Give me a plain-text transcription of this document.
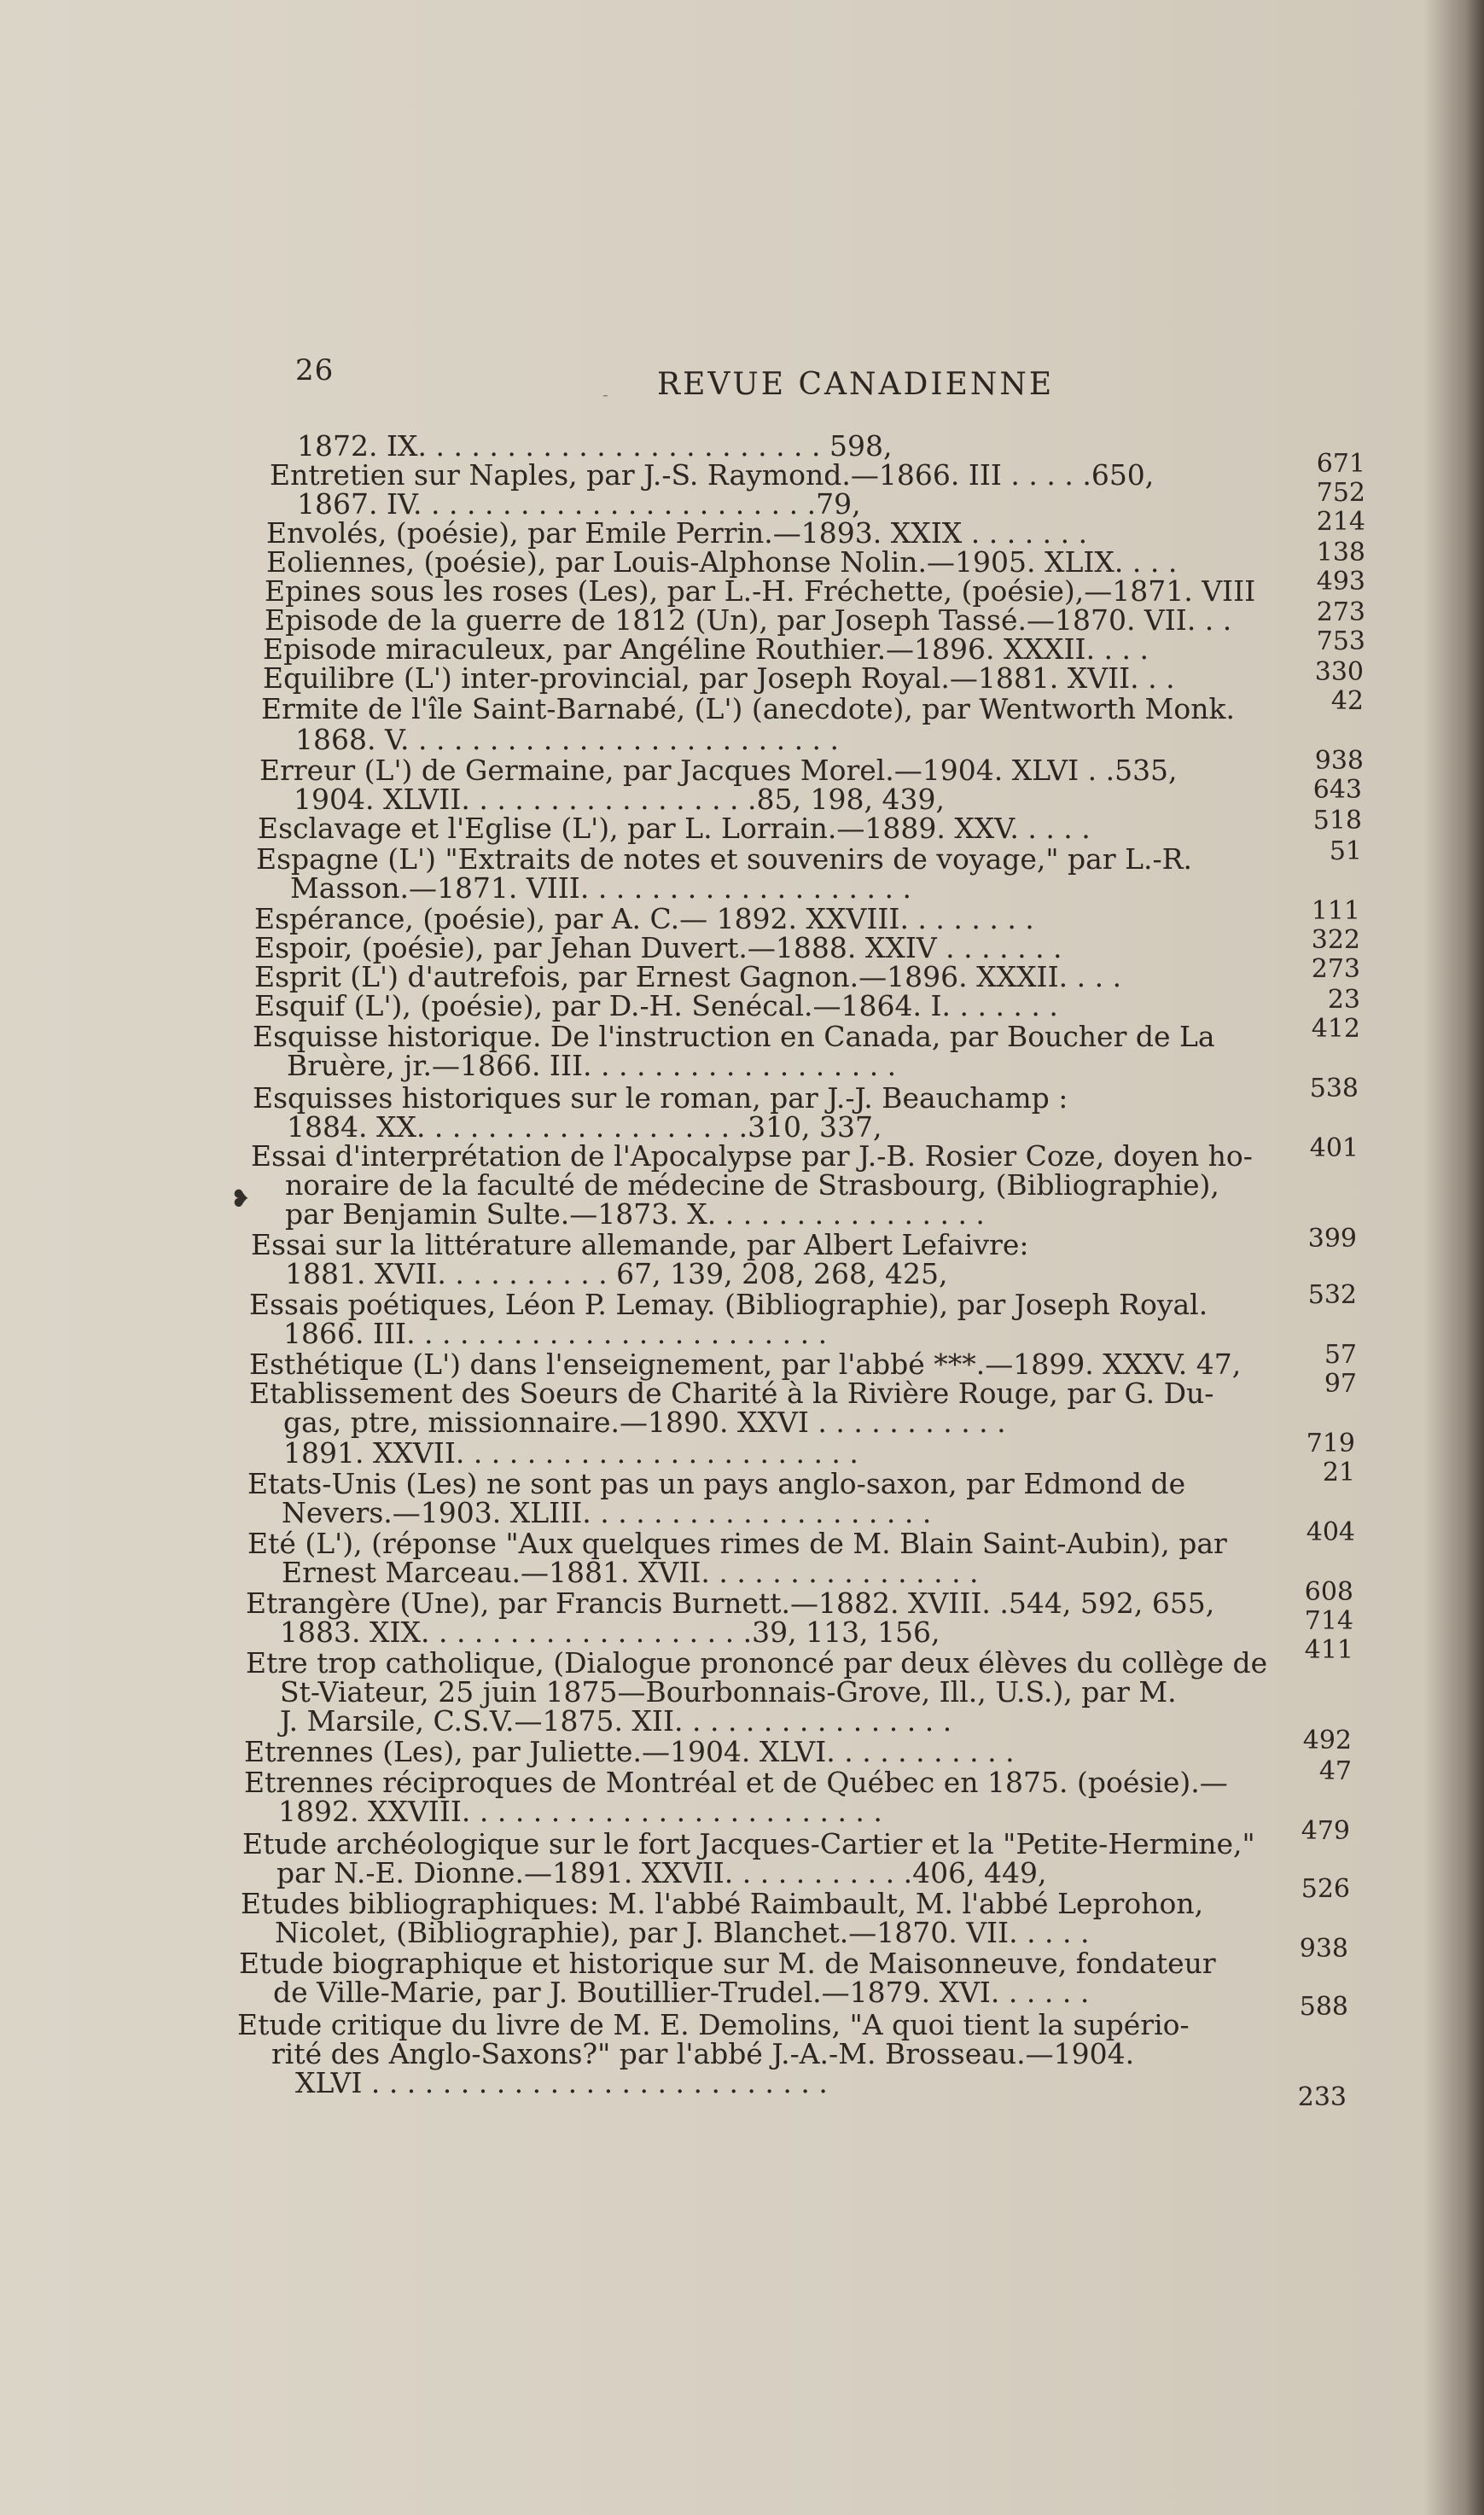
26
- REVUE CANADIENNE
1872. IX. . . . . . . . . . . . . . . . . . . . . . . 598,
Entretien sur Naples, par J.-S. Raymond.—1866. III . . . . .650,
1867. IV. . . . . . . . . . . . . . . . . . . . . . .79,
Envolés, (poésie), par Emile Perrin.—1893. XXIX . . . . . . .
Eoliennes, (poésie), par Louis-Alphonse Nolin.—1905. XLIX. . . .
Epines sous les roses (Les), par L.-H. Fréchette, (poésie),—1871. VIII
Episode de la guerre de 1812 (Un), par Joseph Tassé.—1870. VII. . .
Episode miraculeux, par Angéline Routhier.—1896. XXXII. . . .
Equilibre (L') inter-provincial, par Joseph Royal.—1881. XVII. . .
Ermite de l'île Saint-Barnabé, (L') (anecdote), par Wentworth Monk.
1868. V. . . . . . . . . . . . . . . . . . . . . . . . .
Erreur (L') de Germaine, par Jacques Morel.—1904. XLVI . .535,
1904. XLVII. . . . . . . . . . . . . . . . .85, 198, 439,
Esclavage et l'Eglise (L'), par L. Lorrain.—1889. XXV. . . . .
Espagne (L') "Extraits de notes et souvenirs de voyage," par L.-R.
Masson.—1871. VIII. . . . . . . . . . . . . . . . . . .
Espérance, (poésie), par A. C.— 1892. XXVIII. . . . . . . .
Espoir, (poésie), par Jehan Duvert.—1888. XXIV . . . . . . .
Esprit (L') d'autrefois, par Ernest Gagnon.—1896. XXXII. . . .
Esquif (L'), (poésie), par D.-H. Senécal.—1864. I. . . . . . .
Esquisse historique. De l'instruction en Canada, par Boucher de La
Bruère, jr.—1866. III. . . . . . . . . . . . . . . . . .
Esquisses historiques sur le roman, par J.-J. Beauchamp :
1884. XX. . . . . . . . . . . . . . . . . . .310, 337,
Essai d'interprétation de l'Apocalypse par J.-B. Rosier Coze, doyen ho-
noraire de la faculté de médecine de Strasbourg, (Bibliographie),
par Benjamin Sulte.—1873. X. . . . . . . . . . . . . . . .
Essai sur la littérature allemande, par Albert Lefaivre:
1881. XVII. . . . . . . . . . 67, 139, 208, 268, 425,
Essais poétiques, Léon P. Lemay. (Bibliographie), par Joseph Royal.
1866. III. . . . . . . . . . . . . . . . . . . . . . . .
Esthétique (L') dans l'enseignement, par l'abbé ***.—1899. XXXV. 47,
Etablissement des Soeurs de Charité à la Rivière Rouge, par G. Du-
gas, ptre, missionnaire.—1890. XXVI . . . . . . . . . . .
1891. XXVII. . . . . . . . . . . . . . . . . . . . . . .
Etats-Unis (Les) ne sont pas un pays anglo-saxon, par Edmond de
Nevers.—1903. XLIII. . . . . . . . . . . . . . . . . . . .
Eté (L'), (réponse "Aux quelques rimes de M. Blain Saint-Aubin), par
Ernest Marceau.—1881. XVII. . . . . . . . . . . . . . . .
Etrangère (Une), par Francis Burnett.—1882. XVIII. .544, 592, 655,
1883. XIX. . . . . . . . . . . . . . . . . . .39, 113, 156,
Etre trop catholique, (Dialogue prononcé par deux élèves du collège de
St-Viateur, 25 juin 1875—Bourbonnais-Grove, Ill., U.S.), par M.
J. Marsile, C.S.V.—1875. XII. . . . . . . . . . . . . . . .
Etrennes (Les), par Juliette.—1904. XLVI. . . . . . . . . . .
Etrennes réciproques de Montréal et de Québec en 1875. (poésie).—
1892. XXVIII. . . . . . . . . . . . . . . . . . . . . . . .
Etude archéologique sur le fort Jacques-Cartier et la "Petite-Hermine,"
par N.-E. Dionne.—1891. XXVII. . . . . . . . . . .406, 449,
Etudes bibliographiques: M. l'abbé Raimbault, M. l'abbé Leprohon,
Nicolet, (Bibliographie), par J. Blanchet.—1870. VII. . . . .
Etude biographique et historique sur M. de Maisonneuve, fondateur
de Ville-Marie, par J. Boutillier-Trudel.—1879. XVI. . . . . .
Etude critique du livre de M. E. Demolins, "A quoi tient la supério-
rité des Anglo-Saxons?" par l'abbé J.-A.-M. Brosseau.—1904.
XLVI . . . . . . . . . . . . . . . . . . . . . . . . . .
❥
671
752
214
138
493
273
753
330
42
938
643
518
51
111
322
273
23
412
538
401
399
532
57
97
719
21
404
608
714
411
492
47
479
526
938
588
233
